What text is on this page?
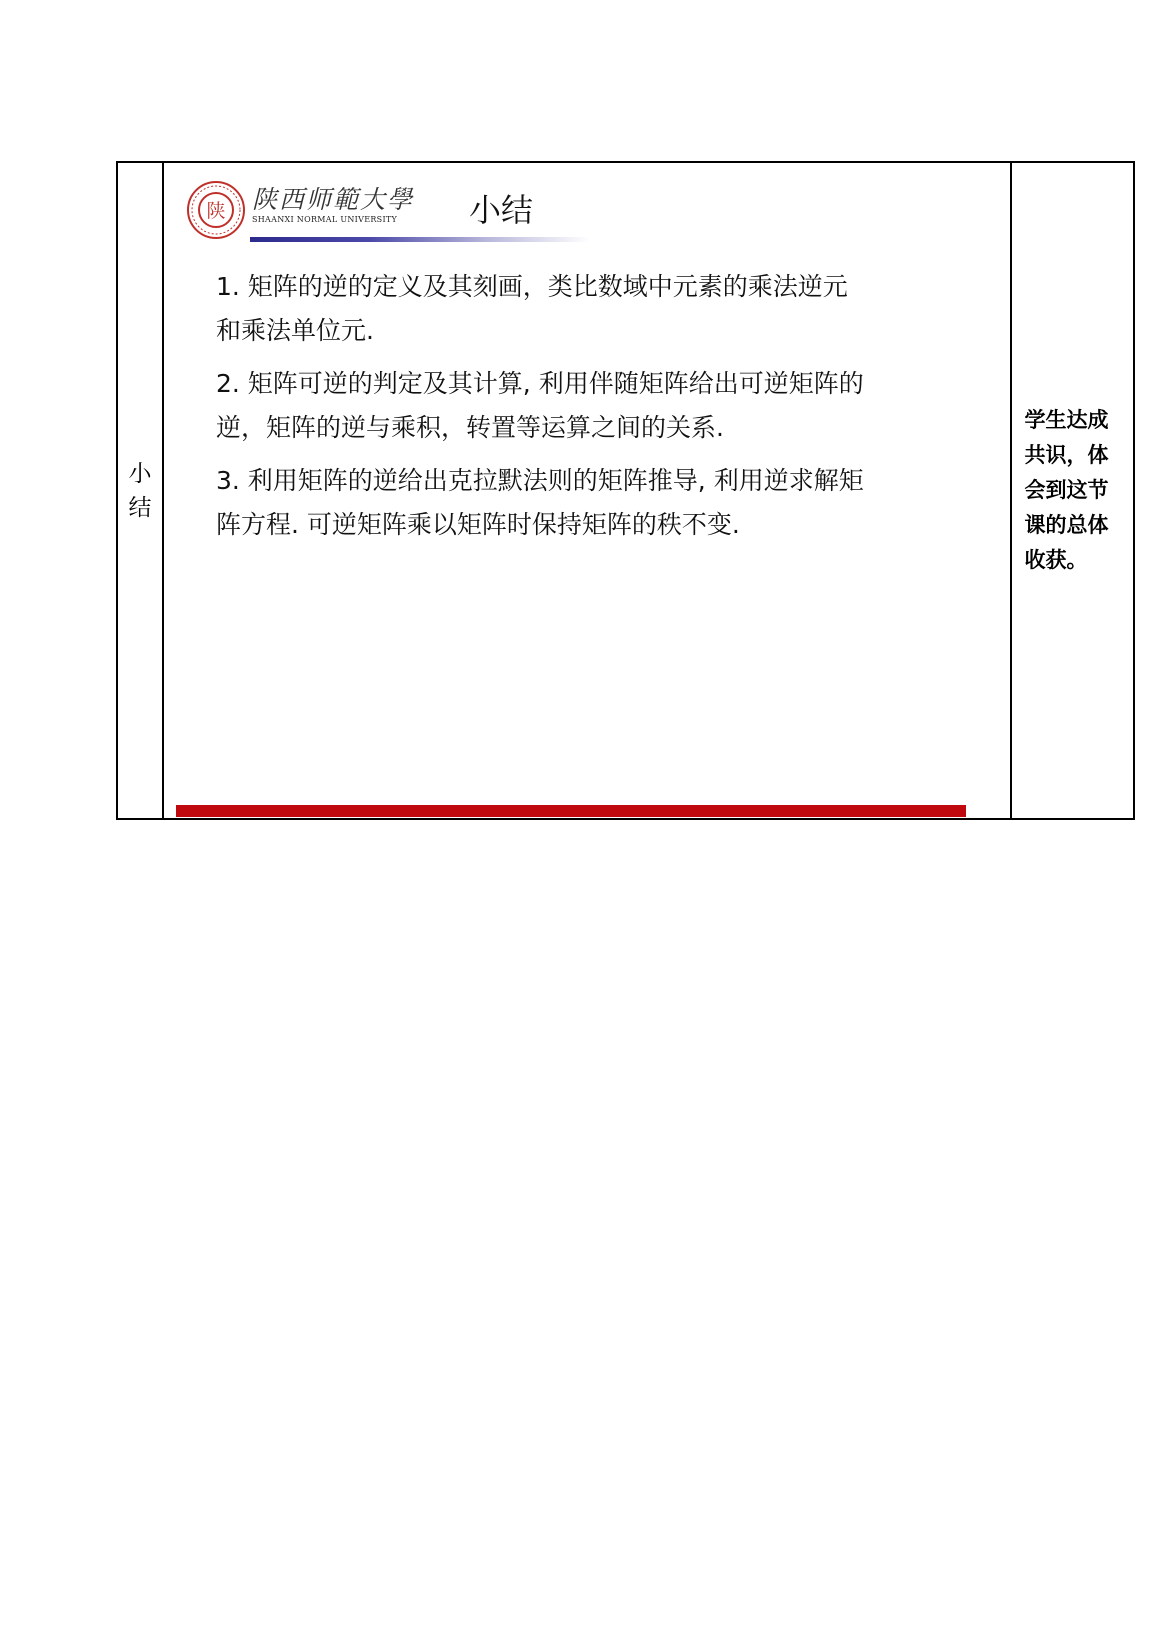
小结

陕 陕西师範大學
SHAANXI NORMAL UNIVERSITY	小结

1. 矩阵的逆的定义及其刻画，类比数域中元素的乘法逆元和乘法单位元.

2. 矩阵可逆的判定及其计算, 利用伴随矩阵给出可逆矩阵的逆，矩阵的逆与乘积，转置等运算之间的关系.

3. 利用矩阵的逆给出克拉默法则的矩阵推导, 利用逆求解矩阵方程. 可逆矩阵乘以矩阵时保持矩阵的秩不变.

学生达成共识，体会到这节课的总体收获。
